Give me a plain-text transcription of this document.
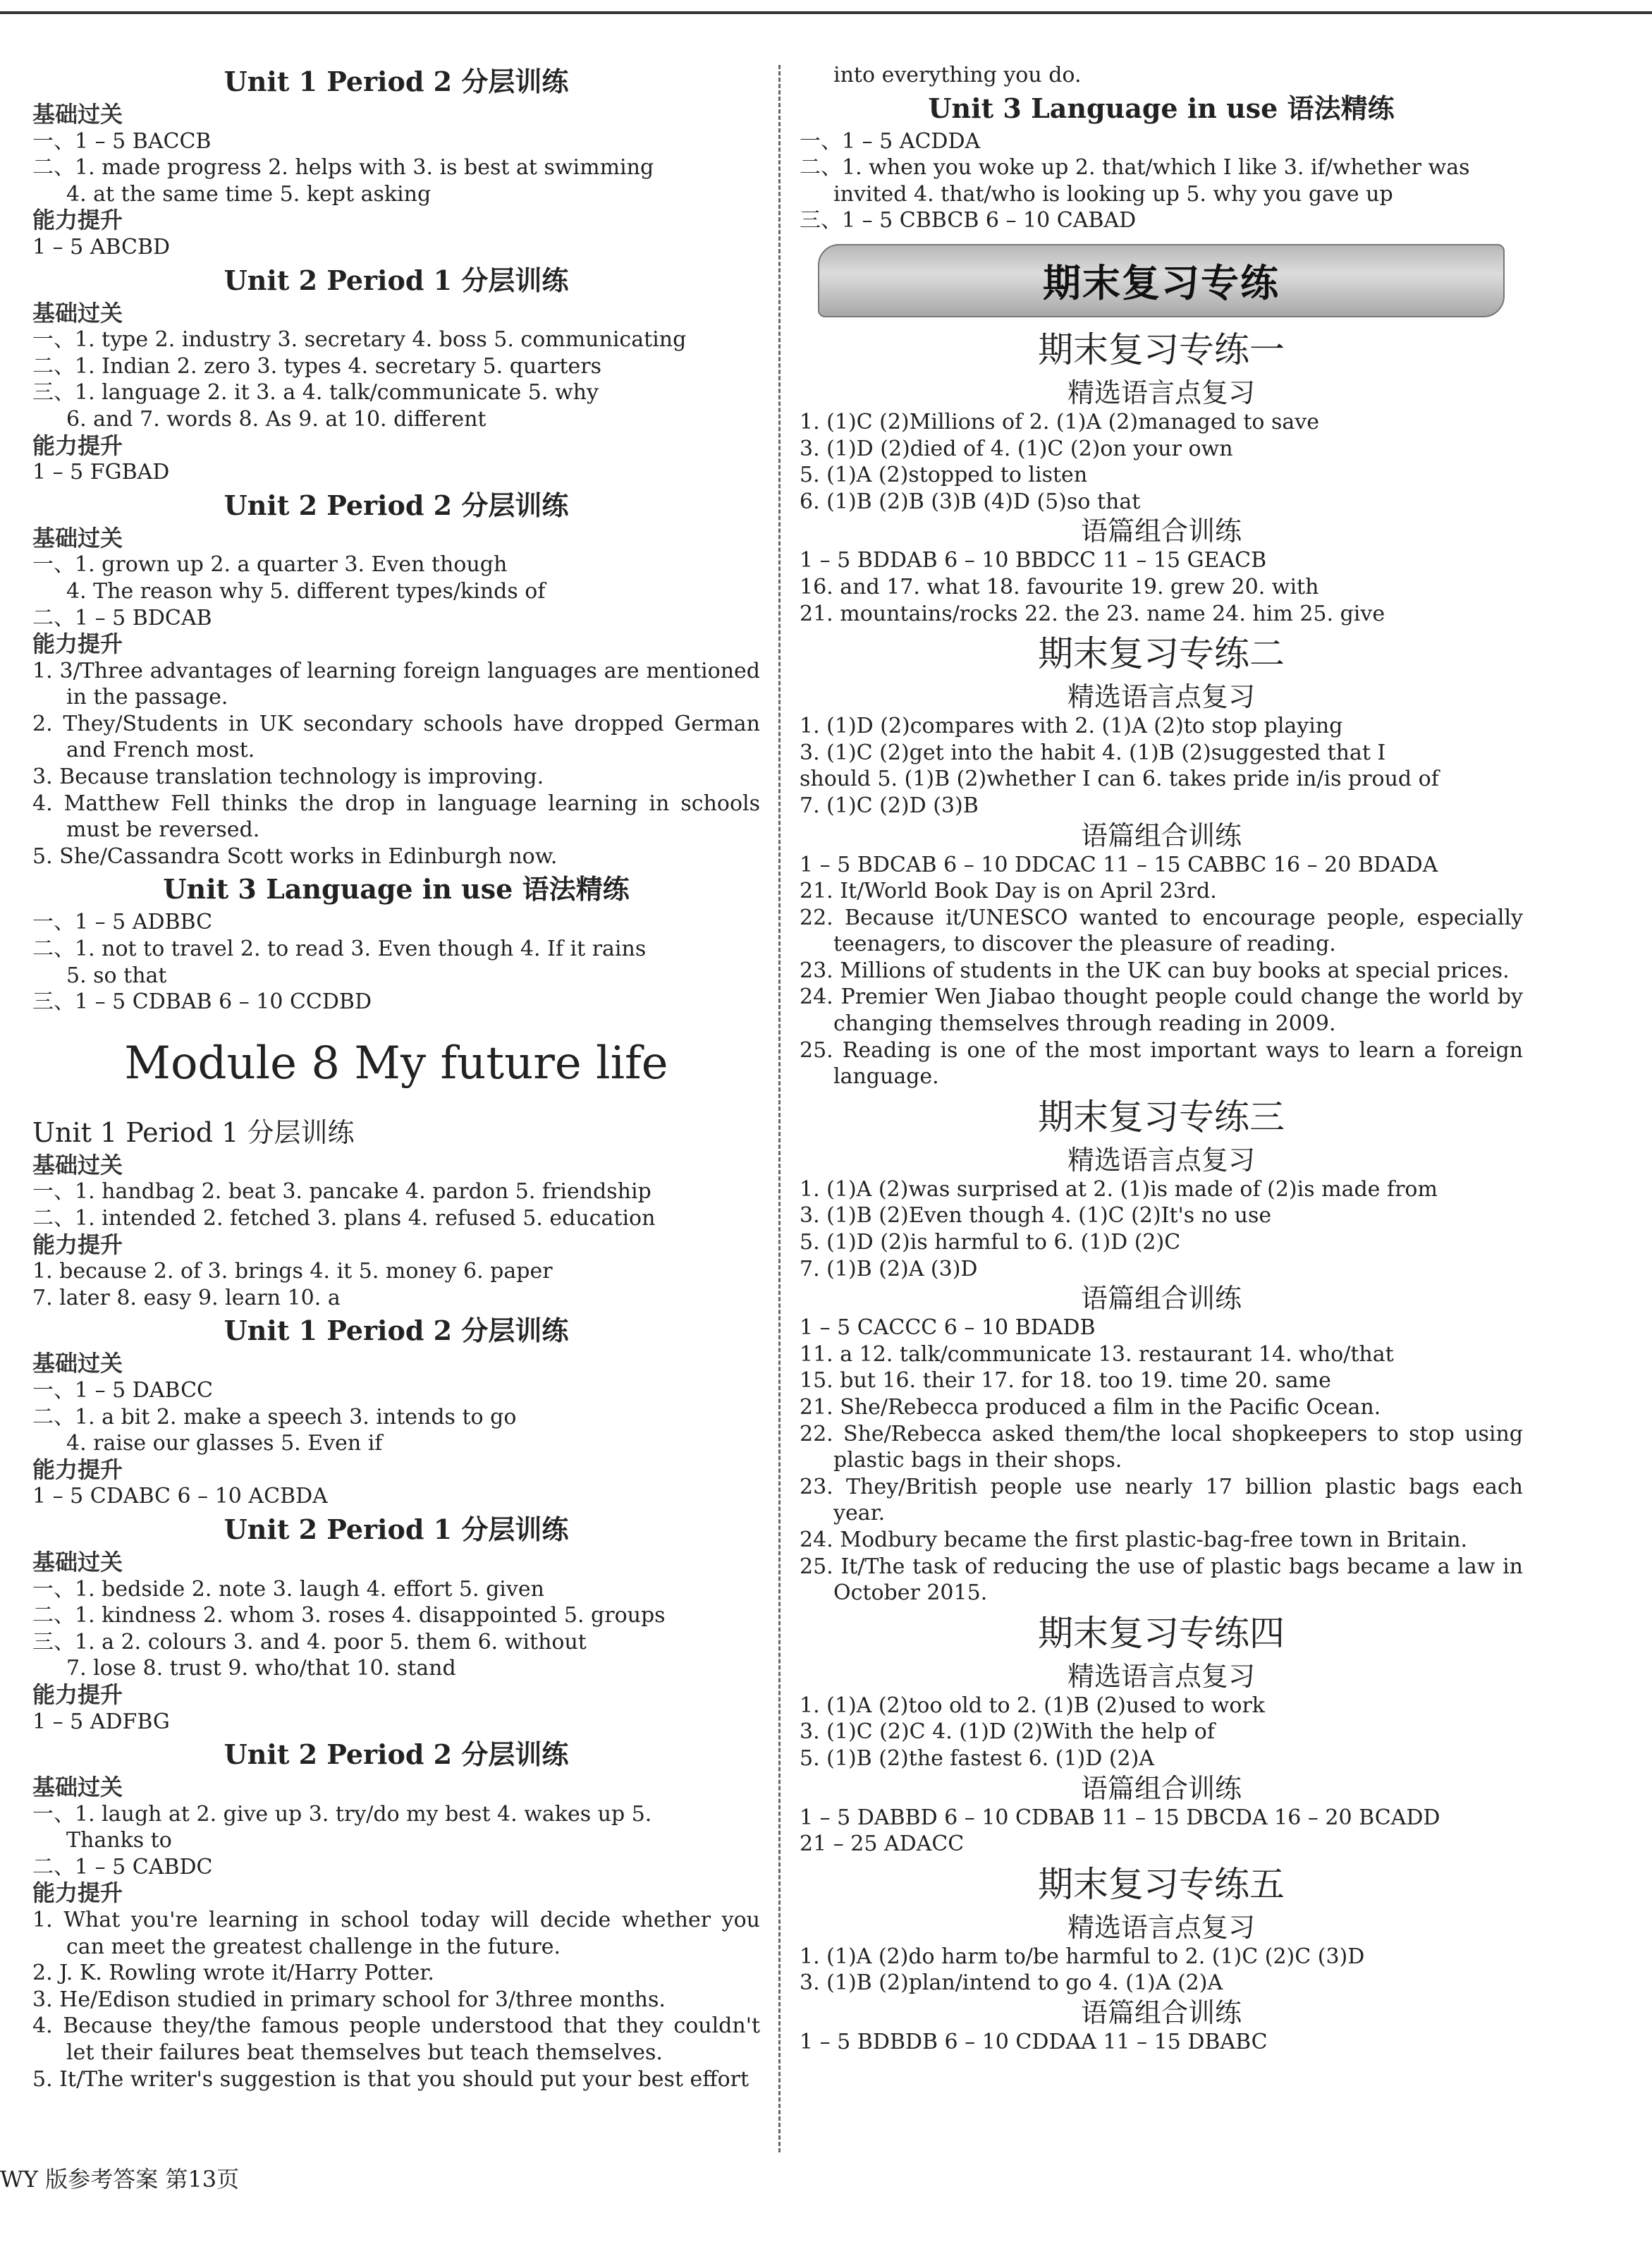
Unit 1 Period 2 分层训练
基础过关
一、1 – 5 BACCB
二、1. made progress 2. helps with 3. is best at swimming
4. at the same time 5. kept asking
能力提升
1 – 5 ABCBD
Unit 2 Period 1 分层训练
基础过关
一、1. type 2. industry 3. secretary 4. boss 5. communicating
二、1. Indian 2. zero 3. types 4. secretary 5. quarters
三、1. language 2. it 3. a 4. talk/communicate 5. why
6. and 7. words 8. As 9. at 10. different
能力提升
1 – 5 FGBAD
Unit 2 Period 2 分层训练
基础过关
一、1. grown up 2. a quarter 3. Even though
4. The reason why 5. different types/kinds of
二、1 – 5 BDCAB
能力提升
1. 3/Three advantages of learning foreign languages are mentioned in the passage.
2. They/Students in UK secondary schools have dropped German and French most.
3. Because translation technology is improving.
4. Matthew Fell thinks the drop in language learning in schools must be reversed.
5. She/Cassandra Scott works in Edinburgh now.
Unit 3 Language in use 语法精练
一、1 – 5 ADBBC
二、1. not to travel 2. to read 3. Even though 4. If it rains
5. so that
三、1 – 5 CDBAB 6 – 10 CCDBD
Module 8 My future life
Unit 1 Period 1 分层训练
基础过关
一、1. handbag 2. beat 3. pancake 4. pardon 5. friendship
二、1. intended 2. fetched 3. plans 4. refused 5. education
能力提升
1. because 2. of 3. brings 4. it 5. money 6. paper
7. later 8. easy 9. learn 10. a
Unit 1 Period 2 分层训练
基础过关
一、1 – 5 DABCC
二、1. a bit 2. make a speech 3. intends to go
4. raise our glasses 5. Even if
能力提升
1 – 5 CDABC 6 – 10 ACBDA
Unit 2 Period 1 分层训练
基础过关
一、1. bedside 2. note 3. laugh 4. effort 5. given
二、1. kindness 2. whom 3. roses 4. disappointed 5. groups
三、1. a 2. colours 3. and 4. poor 5. them 6. without
7. lose 8. trust 9. who/that 10. stand
能力提升
1 – 5 ADFBG
Unit 2 Period 2 分层训练
基础过关
一、1. laugh at 2. give up 3. try/do my best 4. wakes up 5.
Thanks to
二、1 – 5 CABDC
能力提升
1. What you're learning in school today will decide whether you can meet the greatest challenge in the future.
2. J. K. Rowling wrote it/Harry Potter.
3. He/Edison studied in primary school for 3/three months.
4. Because they/the famous people understood that they couldn't let their failures beat themselves but teach themselves.
5. It/The writer's suggestion is that you should put your best effort
into everything you do.
Unit 3 Language in use 语法精练
一、1 – 5 ACDDA
二、1. when you woke up 2. that/which I like 3. if/whether was
invited 4. that/who is looking up 5. why you gave up
三、1 – 5 CBBCB 6 – 10 CABAD
期末复习专练
期末复习专练一
精选语言点复习
1. (1)C (2)Millions of 2. (1)A (2)managed to save
3. (1)D (2)died of 4. (1)C (2)on your own
5. (1)A (2)stopped to listen
6. (1)B (2)B (3)B (4)D (5)so that
语篇组合训练
1 – 5 BDDAB 6 – 10 BBDCC 11 – 15 GEACB
16. and 17. what 18. favourite 19. grew 20. with
21. mountains/rocks 22. the 23. name 24. him 25. give
期末复习专练二
精选语言点复习
1. (1)D (2)compares with 2. (1)A (2)to stop playing
3. (1)C (2)get into the habit 4. (1)B (2)suggested that I
should 5. (1)B (2)whether I can 6. takes pride in/is proud of
7. (1)C (2)D (3)B
语篇组合训练
1 – 5 BDCAB 6 – 10 DDCAC 11 – 15 CABBC 16 – 20 BDADA
21. It/World Book Day is on April 23rd.
22. Because it/UNESCO wanted to encourage people, especially teenagers, to discover the pleasure of reading.
23. Millions of students in the UK can buy books at special prices.
24. Premier Wen Jiabao thought people could change the world by changing themselves through reading in 2009.
25. Reading is one of the most important ways to learn a foreign language.
期末复习专练三
精选语言点复习
1. (1)A (2)was surprised at 2. (1)is made of (2)is made from
3. (1)B (2)Even though 4. (1)C (2)It's no use
5. (1)D (2)is harmful to 6. (1)D (2)C
7. (1)B (2)A (3)D
语篇组合训练
1 – 5 CACCC 6 – 10 BDADB
11. a 12. talk/communicate 13. restaurant 14. who/that
15. but 16. their 17. for 18. too 19. time 20. same
21. She/Rebecca produced a film in the Pacific Ocean.
22. She/Rebecca asked them/the local shopkeepers to stop using plastic bags in their shops.
23. They/British people use nearly 17 billion plastic bags each year.
24. Modbury became the first plastic-bag-free town in Britain.
25. It/The task of reducing the use of plastic bags became a law in October 2015.
期末复习专练四
精选语言点复习
1. (1)A (2)too old to 2. (1)B (2)used to work
3. (1)C (2)C 4. (1)D (2)With the help of
5. (1)B (2)the fastest 6. (1)D (2)A
语篇组合训练
1 – 5 DABBD 6 – 10 CDBAB 11 – 15 DBCDA 16 – 20 BCADD
21 – 25 ADACC
期末复习专练五
精选语言点复习
1. (1)A (2)do harm to/be harmful to 2. (1)C (2)C (3)D
3. (1)B (2)plan/intend to go 4. (1)A (2)A
语篇组合训练
1 – 5 BDBDB 6 – 10 CDDAA 11 – 15 DBABC
WY 版参考答案 第13页
